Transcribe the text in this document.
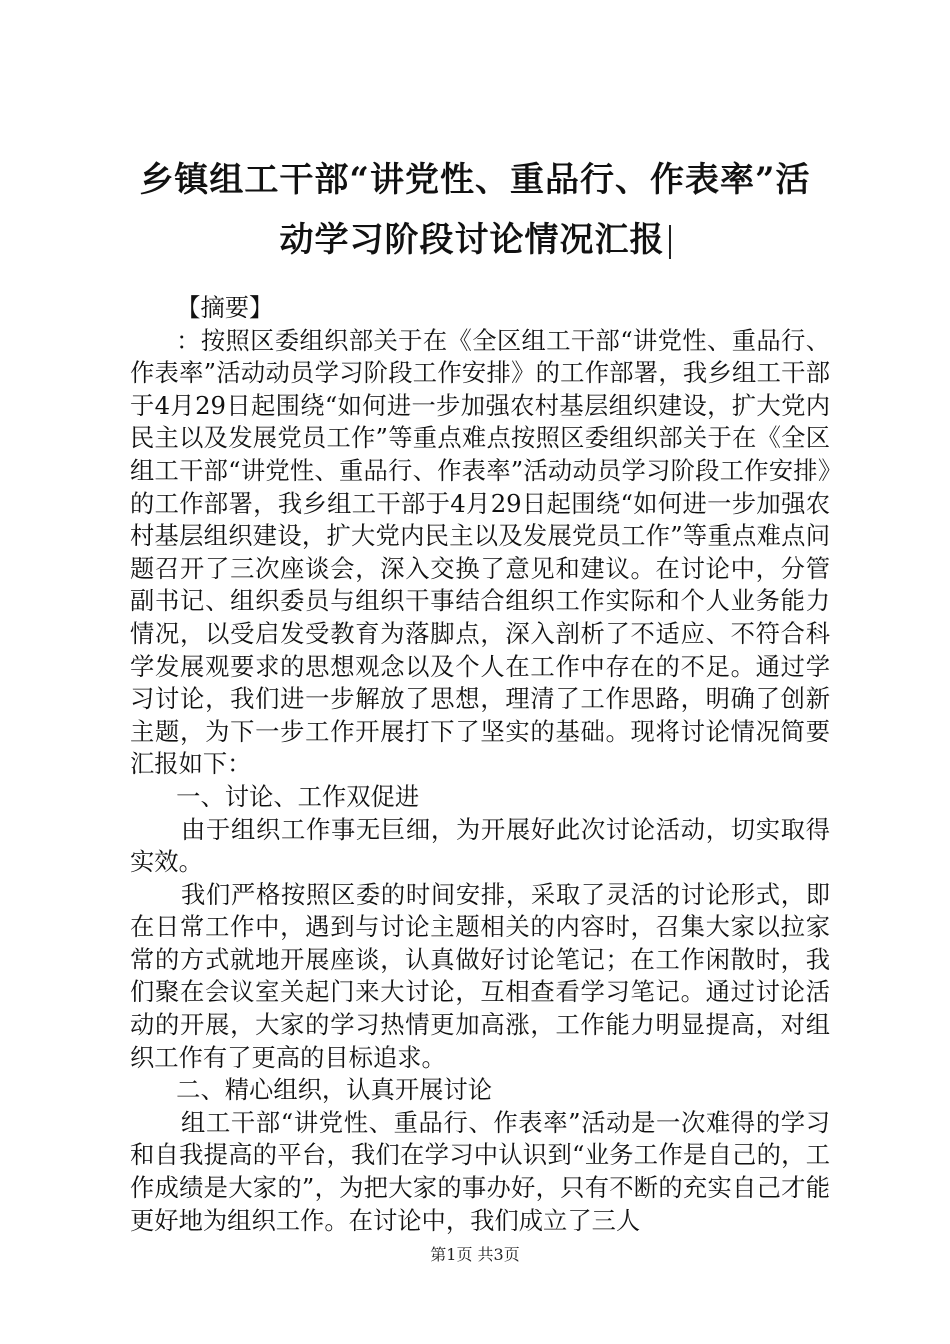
乡镇组工干部“讲党性、重品行、作表率”活
动学习阶段讨论情况汇报

【摘要】

：按照区委组织部关于在《全区组工干部“讲党性、重品行、作表率”活动动员学习阶段工作安排》的工作部署，我乡组工干部于4月29日起围绕“如何进一步加强农村基层组织建设，扩大党内民主以及发展党员工作”等重点难点按照区委组织部关于在《全区组工干部“讲党性、重品行、作表率”活动动员学习阶段工作安排》的工作部署，我乡组工干部于4月29日起围绕“如何进一步加强农村基层组织建设，扩大党内民主以及发展党员工作”等重点难点问题召开了三次座谈会，深入交换了意见和建议。在讨论中，分管副书记、组织委员与组织干事结合组织工作实际和个人业务能力情况，以受启发受教育为落脚点，深入剖析了不适应、不符合科学发展观要求的思想观念以及个人在工作中存在的不足。通过学习讨论，我们进一步解放了思想，理清了工作思路，明确了创新主题，为下一步工作开展打下了坚实的基础。现将讨论情况简要汇报如下：

一、讨论、工作双促进

由于组织工作事无巨细，为开展好此次讨论活动，切实取得实效。

我们严格按照区委的时间安排，采取了灵活的讨论形式，即在日常工作中，遇到与讨论主题相关的内容时，召集大家以拉家常的方式就地开展座谈，认真做好讨论笔记；在工作闲散时，我们聚在会议室关起门来大讨论，互相查看学习笔记。通过讨论活动的开展，大家的学习热情更加高涨，工作能力明显提高，对组织工作有了更高的目标追求。

二、精心组织，认真开展讨论

组工干部“讲党性、重品行、作表率”活动是一次难得的学习和自我提高的平台，我们在学习中认识到“业务工作是自己的，工作成绩是大家的”，为把大家的事办好，只有不断的充实自己才能更好地为组织工作。在讨论中，我们成立了三人

第1页 共3页
